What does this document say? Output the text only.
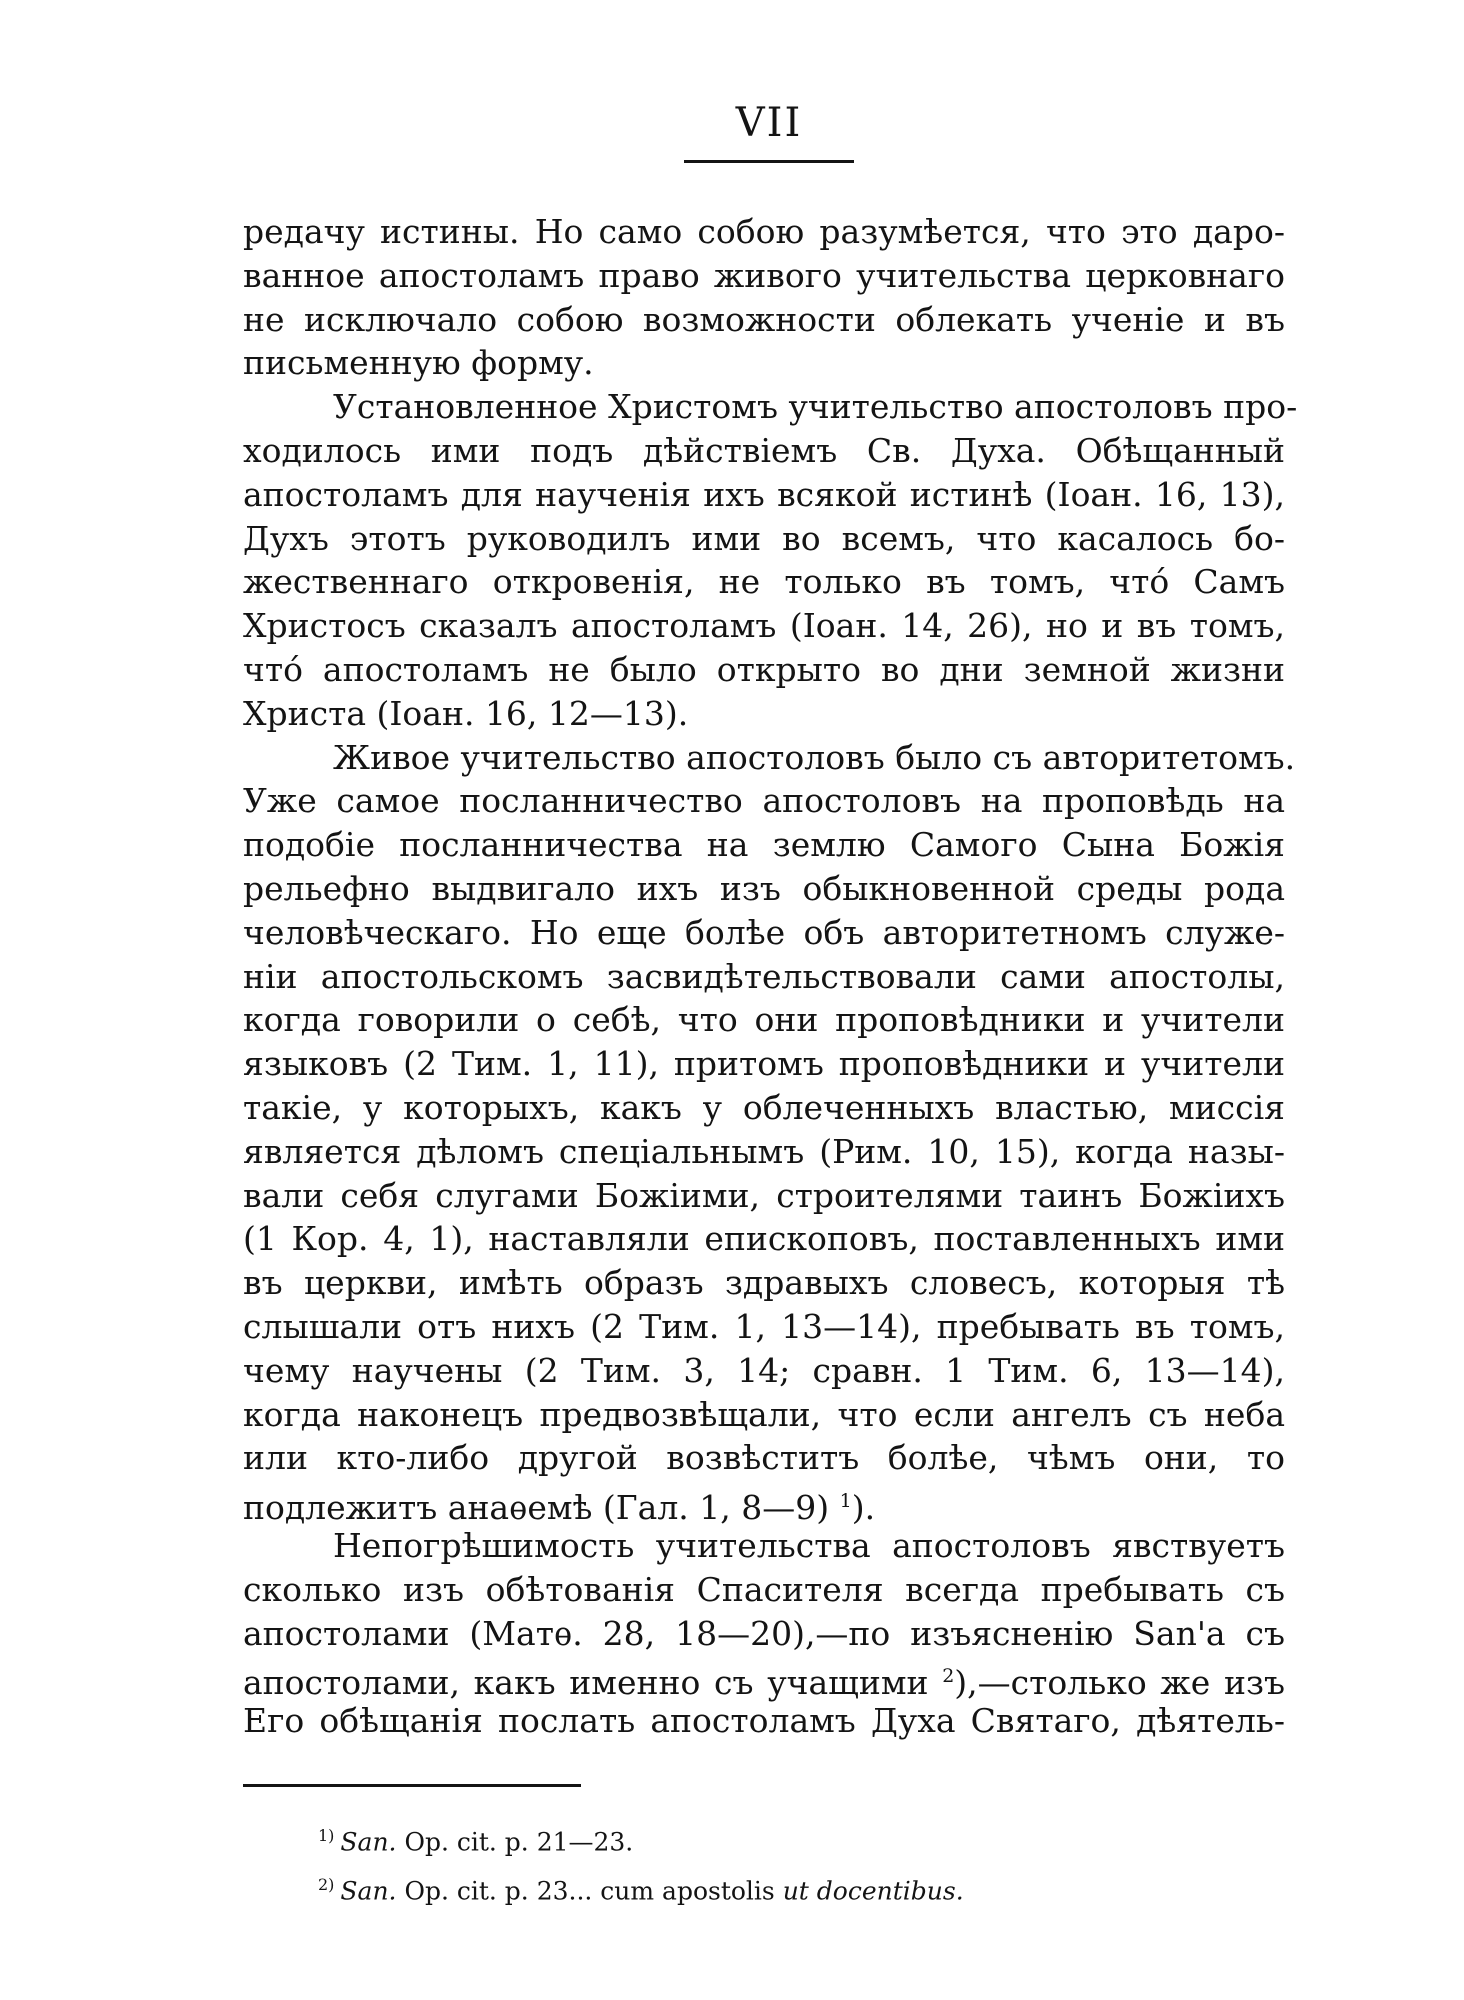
VII
редачу истины. Но само собою разумѣется, что это даро-
ванное апостоламъ право живого учительства церковнаго
не исключало собою возможности облекать ученіе и въ
письменную форму.
Установленное Христомъ учительство апостоловъ про-
ходилось ими подъ дѣйствіемъ Св. Духа. Обѣщанный
апостоламъ для наученія ихъ всякой истинѣ (Іоан. 16, 13),
Духъ этотъ руководилъ ими во всемъ, что касалось бо-
жественнаго откровенія, не только въ томъ, что́ Самъ
Христосъ сказалъ апостоламъ (Іоан. 14, 26), но и въ томъ,
что́ апостоламъ не было открыто во дни земной жизни
Христа (Іоан. 16, 12—13).
Живое учительство апостоловъ было съ авторитетомъ.
Уже самое посланничество апостоловъ на проповѣдь на
подобіе посланничества на землю Самого Сына Божія
рельефно выдвигало ихъ изъ обыкновенной среды рода
человѣческаго. Но еще болѣе объ авторитетномъ служе-
ніи апостольскомъ засвидѣтельствовали сами апостолы,
когда говорили о себѣ, что они проповѣдники и учители
языковъ (2 Тим. 1, 11), притомъ проповѣдники и учители
такіе, у которыхъ, какъ у облеченныхъ властью, миссія
является дѣломъ спеціальнымъ (Рим. 10, 15), когда назы-
вали себя слугами Божіими, строителями таинъ Божіихъ
(1 Кор. 4, 1), наставляли епископовъ, поставленныхъ ими
въ церкви, имѣть образъ здравыхъ словесъ, которыя тѣ
слышали отъ нихъ (2 Тим. 1, 13—14), пребывать въ томъ,
чему научены (2 Тим. 3, 14; сравн. 1 Тим. 6, 13—14),
когда наконецъ предвозвѣщали, что если ангелъ съ неба
или кто-либо другой возвѣститъ болѣе, чѣмъ они, то
подлежитъ анаѳемѣ (Гал. 1, 8—9) $^1$).
Непогрѣшимость учительства апостоловъ явствуетъ
сколько изъ обѣтованія Спасителя всегда пребывать съ
апостолами (Матѳ. 28, 18—20),—по изъясненію San'а съ
апостолами, какъ именно съ учащими $^2$),—столько же изъ
Его обѣщанія послать апостоламъ Духа Святаго, дѣятель-
$^{1)}$ San. Op. cit. p. 21—23.
$^{2)}$ San. Op. cit. p. 23... cum apostolis ut docentibus.
